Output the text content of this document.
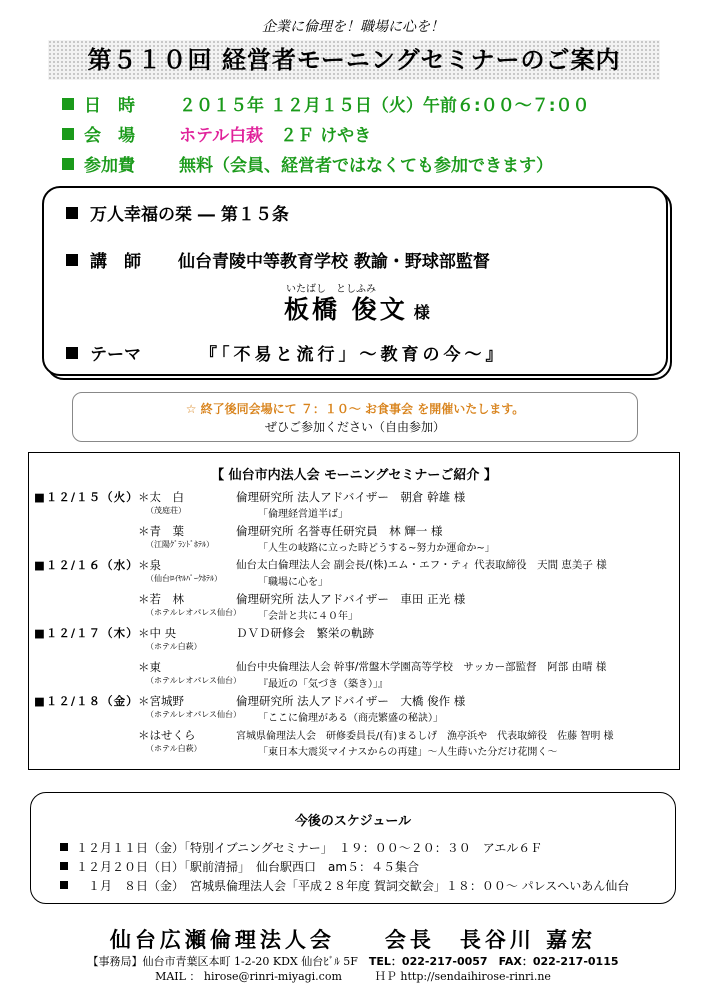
企業に倫理を！職場に心を！
第５１０回 経営者モーニングセミナーのご案内
日　時	２０１５年 １２月１５日（火）午前６:００～７:００
会　場	ホテル白萩　 ２Ｆ けやき
参加費	無料（会員、経営者ではなくても参加できます）
万人幸福の栞 ― 第１５条
講　師 仙台青陵中等教育学校 教諭・野球部監督
いたばし　としふみ
板橋 俊文 様
テーマ	『「不易と流行」～教育の今～』
☆ 終了後同会場にて ７：１０～ お食事会 を開催いたします。
ぜひご参加ください（自由参加）
【 仙台市内法人会 モーニングセミナーご紹介 】
■１２/１５（火） ＊太　白
（茂庭荘）
倫理研究所 法人アドバイザー　朝倉 幹雄 様
「倫理経営道半ば」
＊青　葉
（江陽ｸﾞﾗﾝﾄﾞﾎﾃﾙ）
倫理研究所 名誉専任研究員　林 輝一 様
「人生の岐路に立った時どうする~努力か運命か~」
■１２/１６（水） ＊泉
（仙台ﾛｲﾔﾙﾊﾟｰｸﾎﾃﾙ）
仙台太白倫理法人会 副会長/(株)エム・エフ・ティ 代表取締役　天間 恵美子 様
「職場に心を」
＊若　林
（ホテルレオパレス仙台）
倫理研究所 法人アドバイザー　車田 正光 様
「会計と共に４０年」
■１２/１７（木） ＊中 央
（ホテル白萩）
ＤＶＤ研修会　繁栄の軌跡
＊東
（ホテルレオパレス仙台）
仙台中央倫理法人会 幹事/常盤木学園高等学校　サッカー部監督　阿部 由晴 様
『最近の「気づき（築き）」』
■１２/１８（金） ＊宮城野
（ホテルレオパレス仙台）
倫理研究所 法人アドバイザー　大橋 俊作 様
「ここに倫理がある（商売繁盛の秘訣）」
＊はせくら
（ホテル白萩）
宮城県倫理法人会　研修委員長/(有)まるしげ　漁亭浜や　代表取締役　佐藤 智明 様
「東日本大震災マイナスからの再建」～人生蒔いた分だけ花開く～
今後のスケジュール
１２月１１日（金）「特別イブニングセミナー」　１９：００～２０：３０　アエル６Ｆ
１２月２０日（日）「駅前清掃」　仙台駅西口　am５：４５集合
　１月　８日（金）　宮城県倫理法人会「平成２８年度 賀詞交歓会」１８：００～ パレスへいあん仙台
仙台広瀬倫理法人会　　 会長　長谷川 嘉宏
【事務局】仙台市青葉区本町 1-2-20 KDX 仙台ﾋﾞﾙ 5F　 TEL：022-217-0057　FAX：022-217-0115
MAIL ： hirose@rinri-miyagi.com　　　ＨＰ http://sendaihirose-rinri.ne
